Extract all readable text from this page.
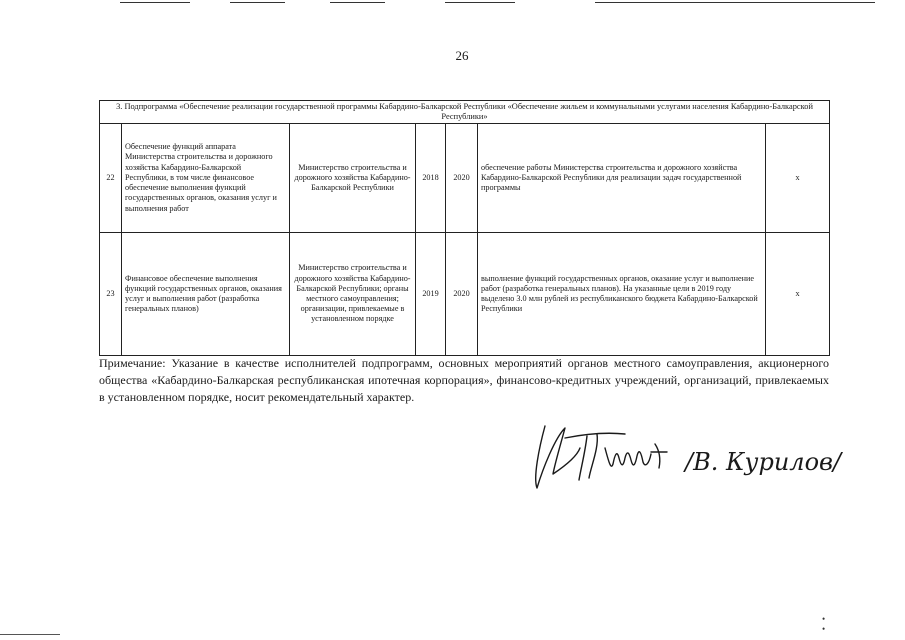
26
3. Подпрограмма «Обеспечение реализации государственной программы Кабардино-Балкарской Республики «Обеспечение жильем и коммунальными услугами населения Кабардино-Балкарской Республики»						
22	Обеспечение функций аппарата Министерства строительства и дорожного хозяйства Кабардино-Балкарской Республики, в том числе финансовое обеспечение выполнения функций государственных органов, оказания услуг и выполнения работ	Министерство строительства и дорожного хозяйства Кабардино-Балкарской Республики	2018	2020	обеспечение работы Министерства строительства и дорожного хозяйства Кабардино-Балкарской Республики для реализации задач государственной программы	х
23	Финансовое обеспечение выполнения функций государственных органов, оказания услуг и выполнения работ (разработка генеральных планов)	Министерство строительства и дорожного хозяйства Кабардино-Балкарской Республики; органы местного самоуправления; организации, привлекаемые в установленном порядке	2019	2020	выполнение функций государственных органов, оказание услуг и выполнение работ (разработка генеральных планов). На указанные цели в 2019 году выделено 3.0 млн рублей из республиканского бюджета Кабардино-Балкарской Республики	х
Примечание: Указание в качестве исполнителей подпрограмм, основных мероприятий органов местного самоуправления, акционерного общества «Кабардино-Балкарская республиканская ипотечная корпорация», финансово-кредитных учреждений, организаций, привлекаемых в установленном порядке, носит рекомендательный характер.
/В. Курилов/
• •
